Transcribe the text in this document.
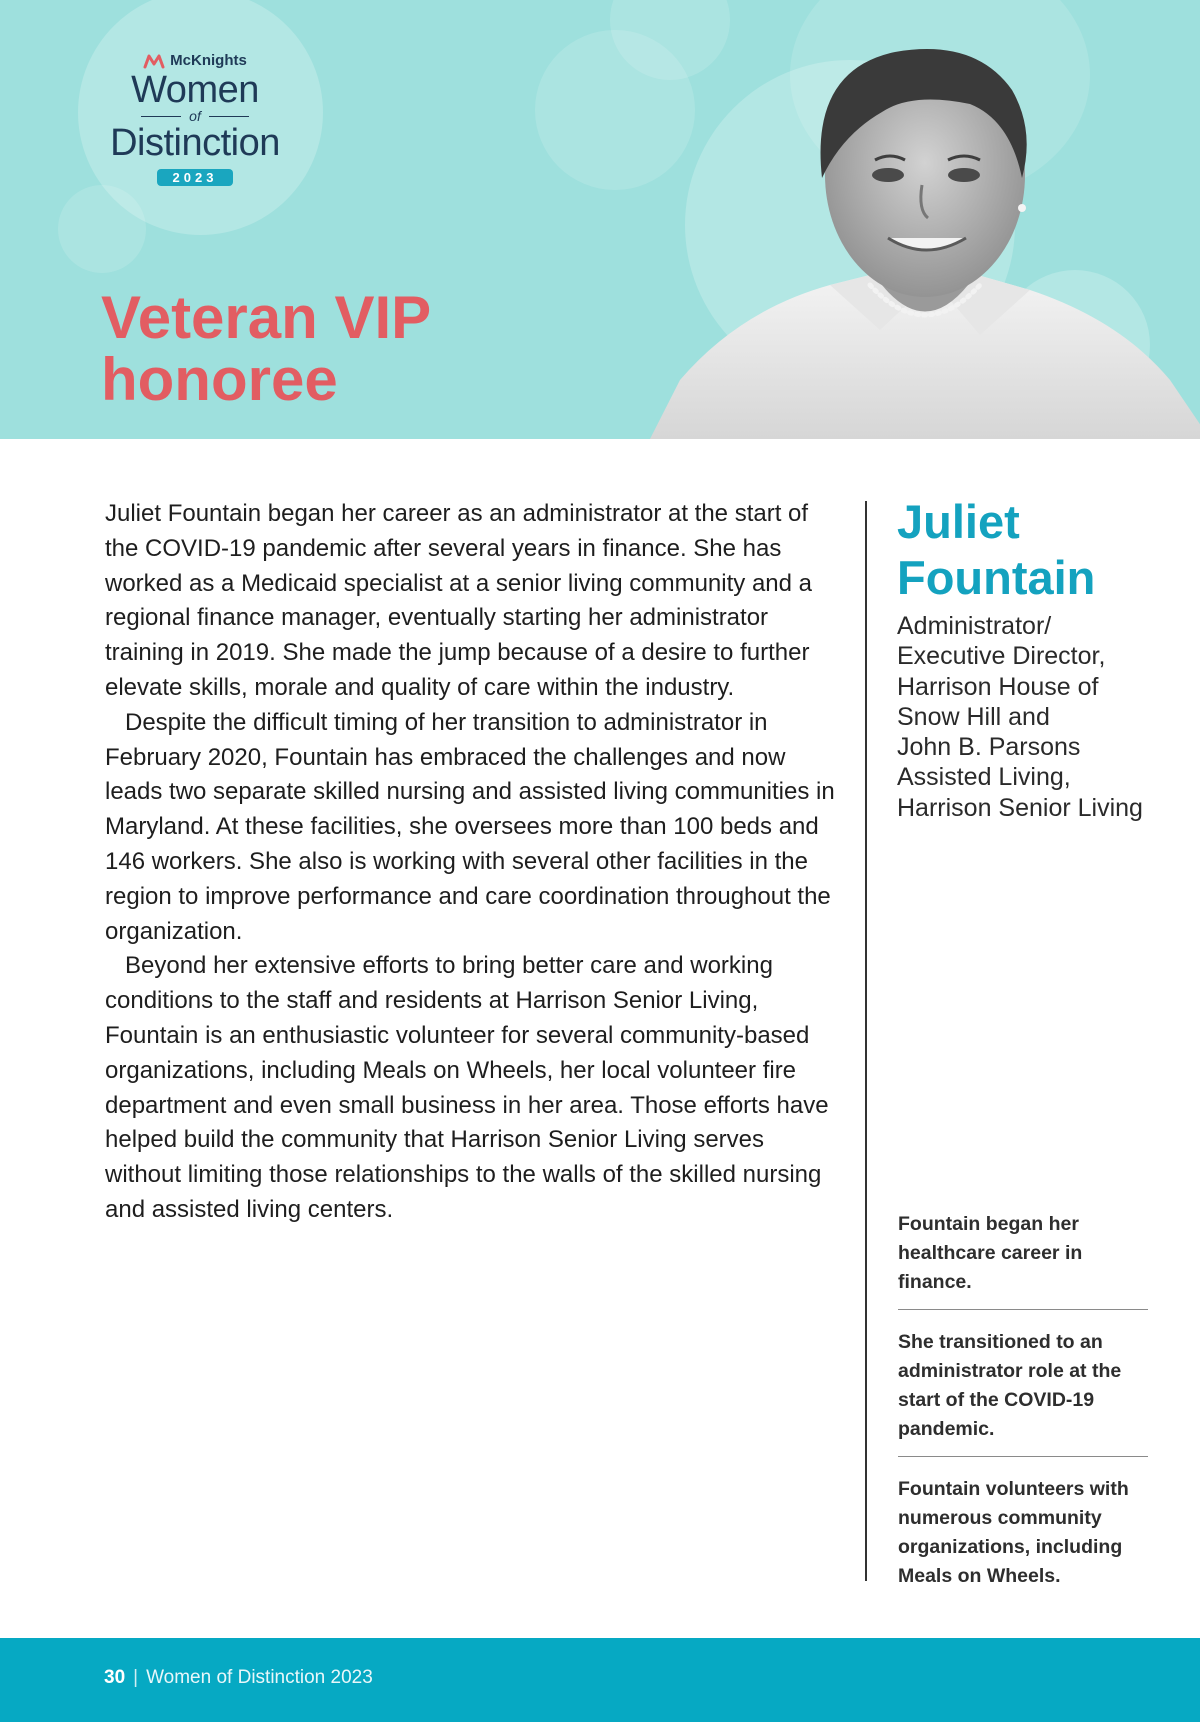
McKnights
Women
of
Distinction
2023
Veteran VIP
honoree

Juliet Fountain began her career as an administrator at the start of the COVID-19 pandemic after several years in finance. She has worked as a Medicaid specialist at a senior living community and a regional finance manager, eventually starting her administrator training in 2019. She made the jump because of a desire to further elevate skills, morale and quality of care within the industry.

Despite the difficult timing of her transition to administrator in February 2020, Fountain has embraced the challenges and now leads two separate skilled nursing and assisted living communities in Maryland. At these facilities, she oversees more than 100 beds and 146 workers. She also is working with several other facilities in the region to improve performance and care coordination throughout the organization.

Beyond her extensive efforts to bring better care and working conditions to the staff and residents at Harrison Senior Living, Fountain is an enthusiastic volunteer for several community-based organizations, including Meals on Wheels, her local volunteer fire department and even small business in her area. Those efforts have helped build the community that Harrison Senior Living serves without limiting those relationships to the walls of the skilled nursing and assisted living centers.

Juliet
Fountain
Administrator/
Executive Director,
Harrison House of
Snow Hill and
John B. Parsons
Assisted Living,
Harrison Senior Living
Fountain began her healthcare career in finance.
She transitioned to an administrator role at the start of the COVID-19 pandemic.
Fountain volunteers with numerous community organizations, including Meals on Wheels.
30 | Women of Distinction 2023
